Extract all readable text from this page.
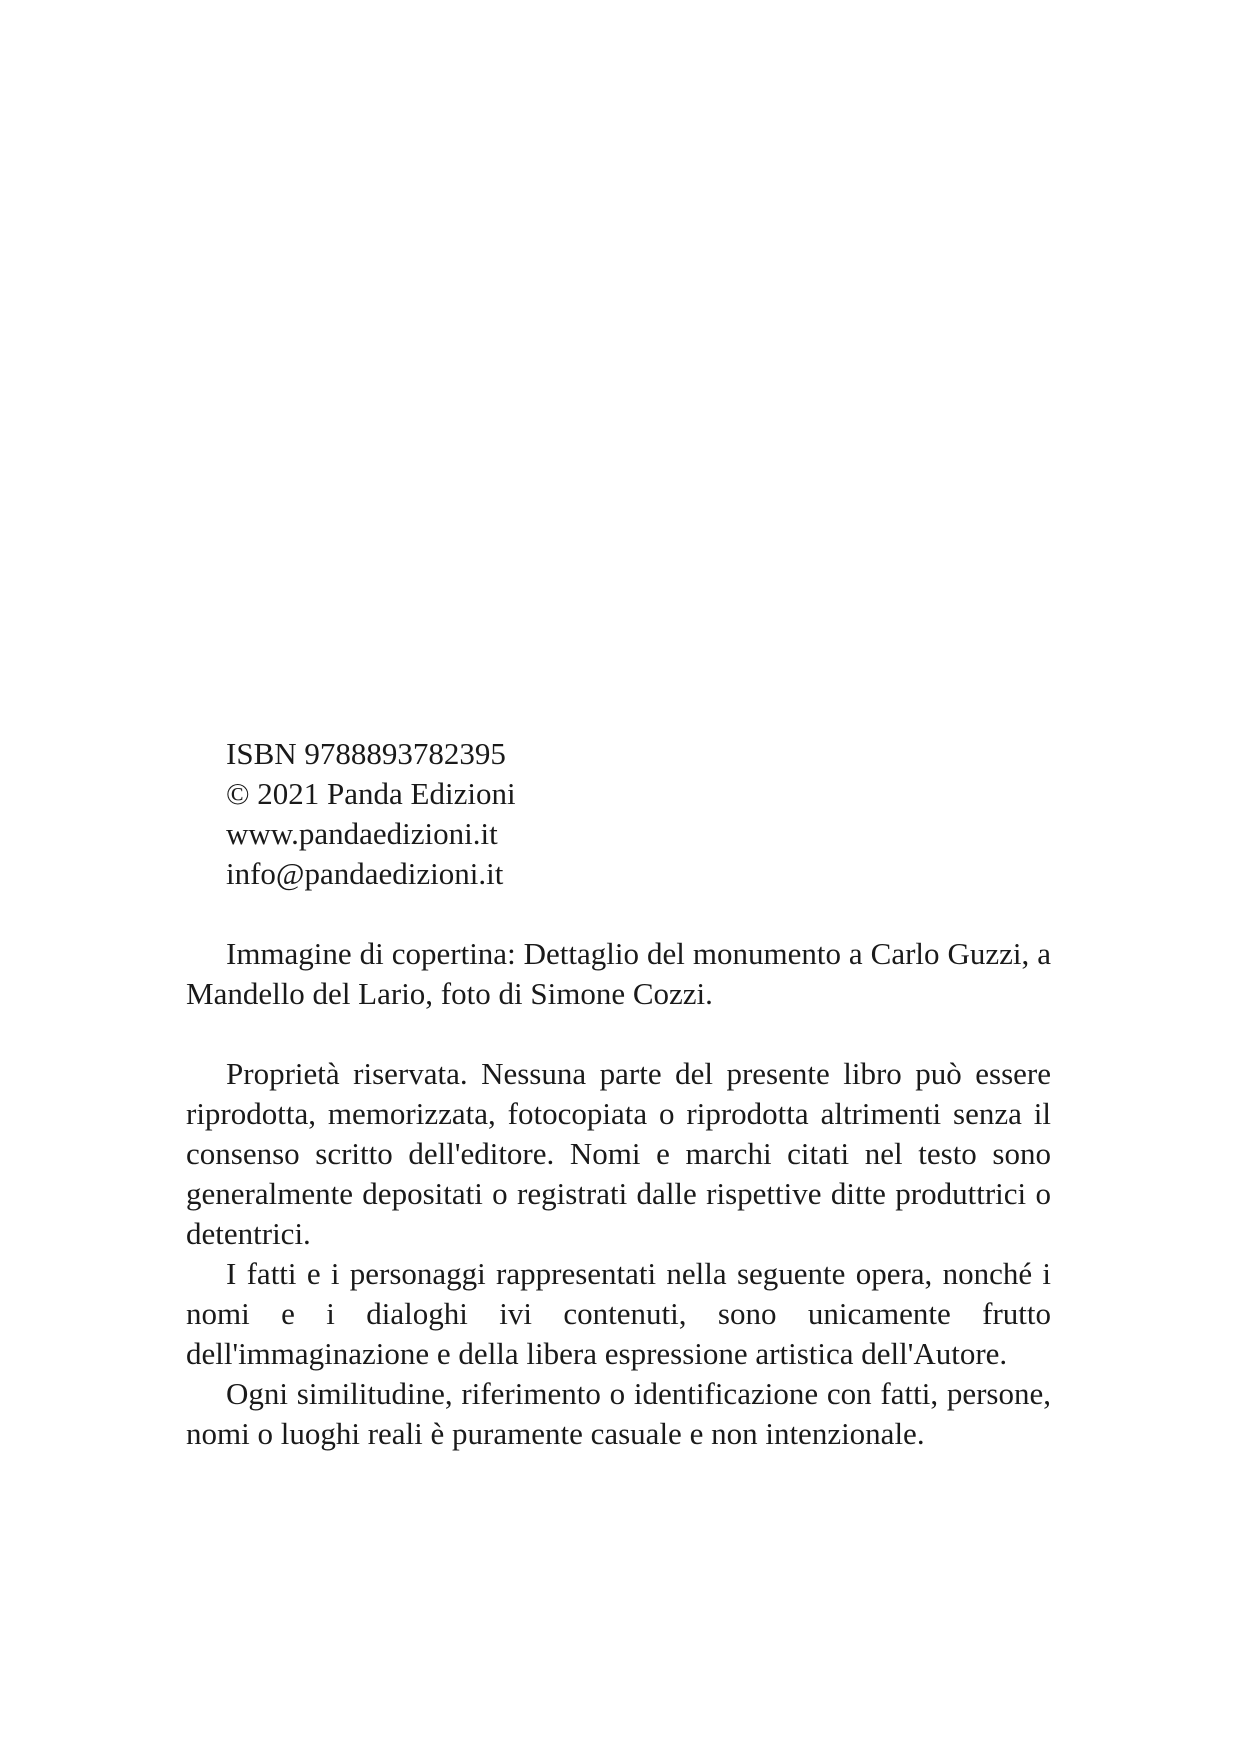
ISBN 9788893782395
© 2021 Panda Edizioni
www.pandaedizioni.it
info@pandaedizioni.it

Immagine di copertina: Dettaglio del monumento a Carlo Guzzi, a Mandello del Lario, foto di Simone Cozzi.

Proprietà riservata. Nessuna parte del presente libro può essere riprodotta, memorizzata, fotocopiata o riprodotta altrimenti senza il consenso scritto dell'editore. Nomi e marchi citati nel testo sono generalmente depositati o registrati dalle rispettive ditte produttrici o detentrici.

I fatti e i personaggi rappresentati nella seguente opera, nonché i nomi e i dialoghi ivi contenuti, sono unicamente frutto dell'immaginazione e della libera espressione artistica dell'Autore.

Ogni similitudine, riferimento o identificazione con fatti, persone, nomi o luoghi reali è puramente casuale e non intenzionale.
